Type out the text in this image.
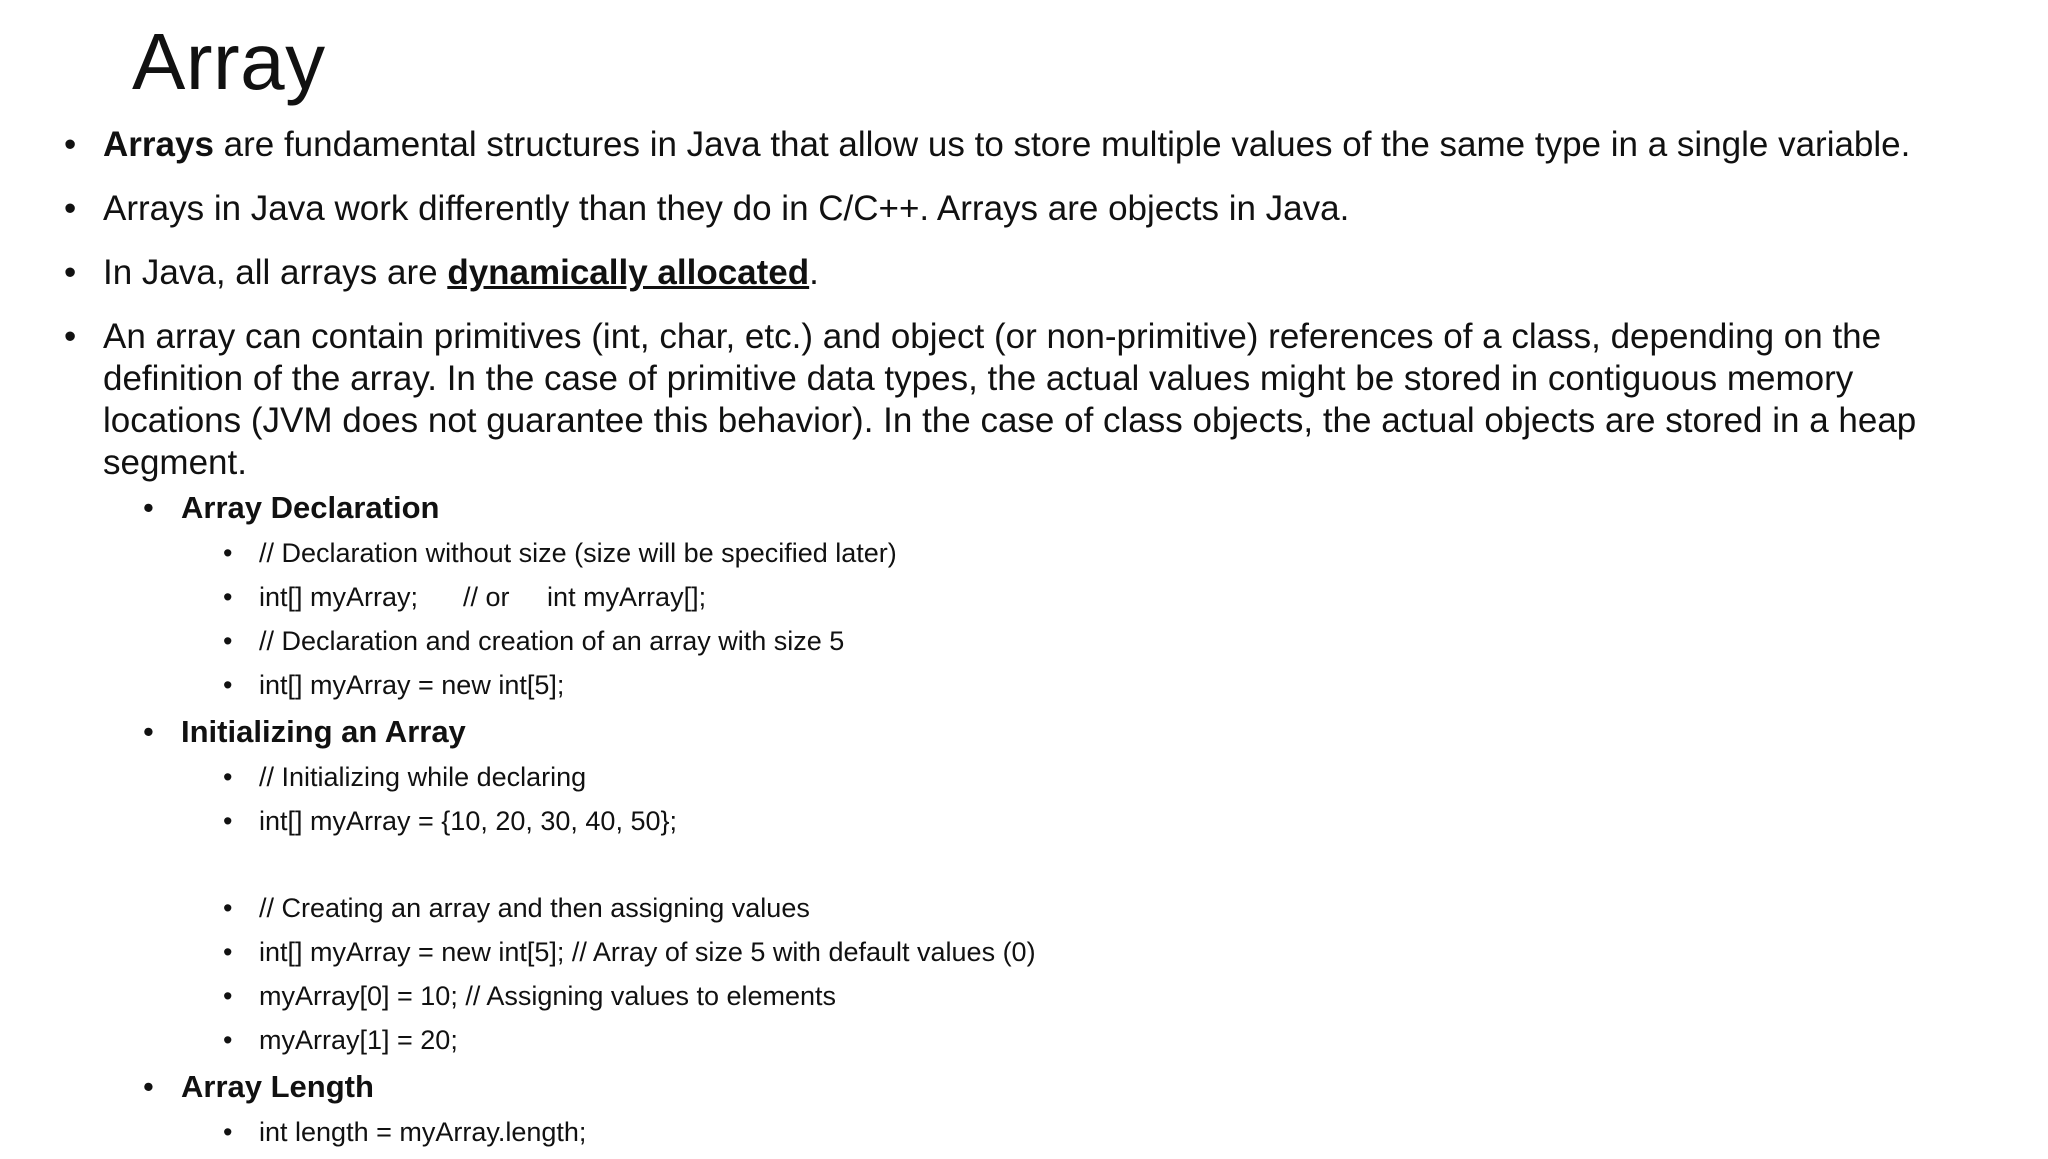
Array
• Arrays are fundamental structures in Java that allow us to store multiple values of the same type in a single variable.
• Arrays in Java work differently than they do in C/C++. Arrays are objects in Java.
• In Java, all arrays are dynamically allocated.
• An array can contain primitives (int, char, etc.) and object (or non-primitive) references of a class, depending on the definition of the array. In the case of primitive data types, the actual values might be stored in contiguous memory locations (JVM does not guarantee this behavior). In the case of class objects, the actual objects are stored in a heap segment.
• Array Declaration
• // Declaration without size (size will be specified later)
• int[] myArray;      // or     int myArray[];
• // Declaration and creation of an array with size 5
• int[] myArray = new int[5];
• Initializing an Array
• // Initializing while declaring
• int[] myArray = {10, 20, 30, 40, 50};
• // Creating an array and then assigning values
• int[] myArray = new int[5]; // Array of size 5 with default values (0)
• myArray[0] = 10; // Assigning values to elements
• myArray[1] = 20;
• Array Length
• int length = myArray.length;
